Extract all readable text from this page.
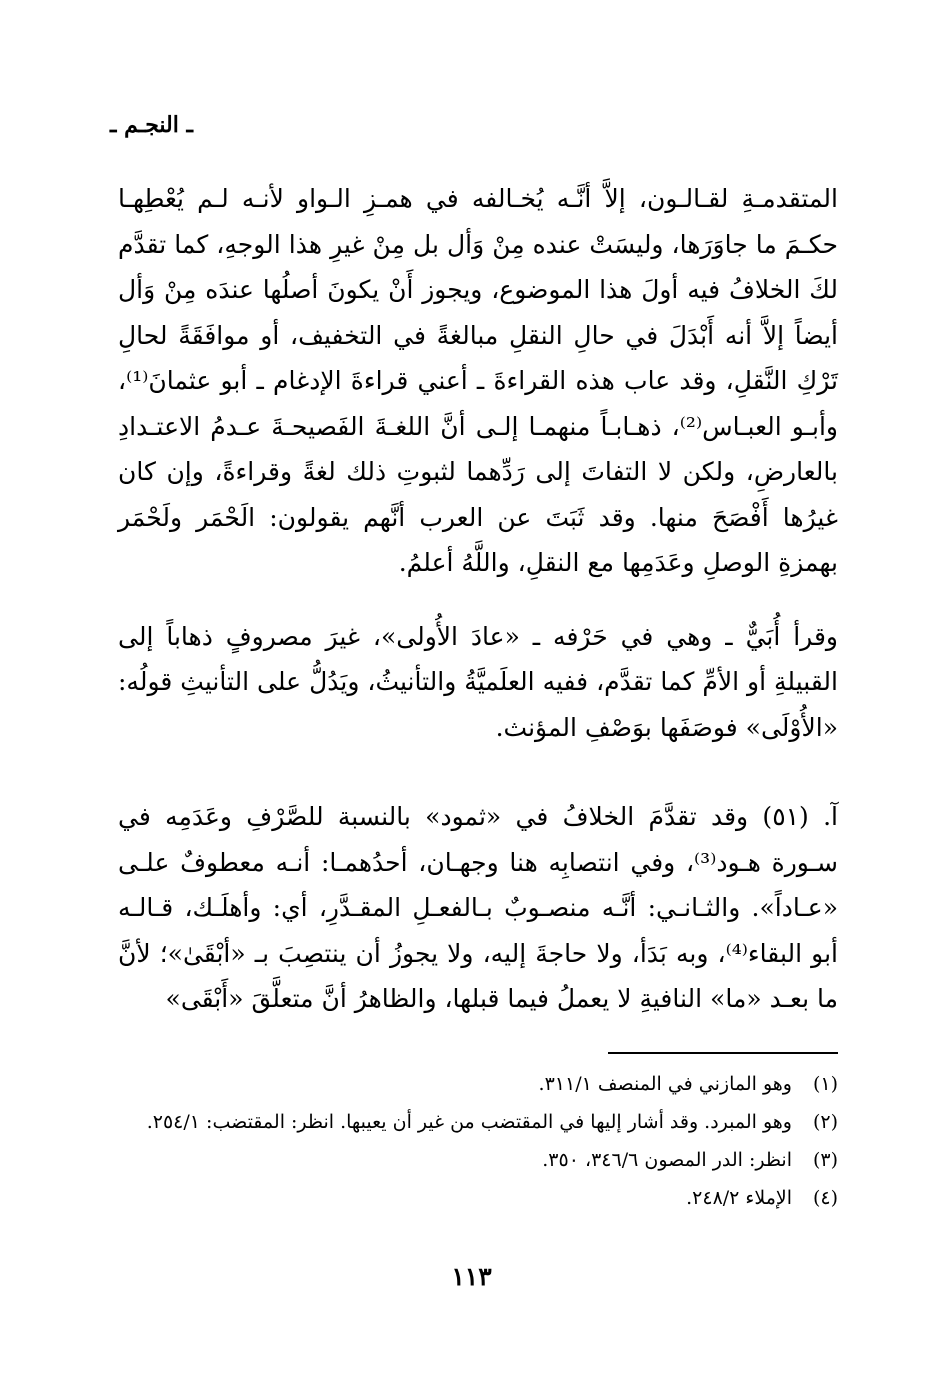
ـ النجـم ـ

المتقدمـةِ لقـالـون، إلاَّ أنَّـه يُخـالفه في همـزِ الـواو لأنـه لـم يُعْطِهـا حكـمَ ما جاوَرَها، وليسَتْ عنده مِنْ وَأل بل مِنْ غيرِ هذا الوجهِ، كما تقدَّم لكَ الخلافُ فيه أولَ هذا الموضوع، ويجوز أَنْ يكونَ أصلُها عندَه مِنْ وَأل أيضاً إلاَّ أنه أَبْدَلَ في حالِ النقلِ مبالغةً في التخفيف، أو موافَقَةً لحالِ تَرْكِ النَّقلِ، وقد عاب هذه القراءةَ ـ أعني قراءةَ الإدغام ـ أبو عثمانَ⁽¹⁾، وأبـو العبـاس⁽²⁾، ذهـابـاً منهمـا إلـى أنَّ اللغـةَ الفَصيحـةَ عـدمُ الاعتـدادِ بالعارضِ، ولكن لا التفاتَ إلى رَدِّهما لثبوتِ ذلك لغةً وقراءةً، وإن كان غيرُها أَفْصَحَ منها. وقد ثَبَتَ عن العرب أنَّهم يقولون: الَحْمَر ولَحْمَر بهمزةِ الوصلِ وعَدَمِها مع النقلِ، واللَّهُ أعلمُ.

وقرأ أُبَيٌّ ـ وهي في حَرْفه ـ «عادَ الأُولى»، غيرَ مصروفٍ ذهاباً إلى القبيلةِ أو الأمِّ كما تقدَّم، ففيه العلَميَّةُ والتأنيثُ، ويَدُلُّ على التأنيثِ قولُه: «الأُوْلَى» فوصَفَها بوَصْفِ المؤنث.

آ. (٥١) وقد تقدَّمَ الخلافُ في «ثمود» بالنسبة للصَّرْفِ وعَدَمِه في سـورة هـود⁽³⁾، وفي انتصابِه هنا وجهـان، أحدُهمـا: أنـه معطوفٌ علـى «عـاداً». والثـانـي: أنَّـه منصـوبٌ بـالفعـلِ المقـدَّرِ، أي: وأهلَـك، قـالـه أبو البقاء⁽⁴⁾، وبه بَدَأ، ولا حاجةَ إليه، ولا يجوزُ أن ينتصِبَ بـ «أبْقَىٰ»؛ لأنَّ ما بعـد «ما» النافيةِ لا يعملُ فيما قبلها، والظاهرُ أنَّ متعلَّقَ «أَبْقَى»

(١)
وهو المازني في المنصف ٣١١/١.
(٢)
وهو المبرد. وقد أشار إليها في المقتضب من غير أن يعيبها. انظر: المقتضب: ٢٥٤/١.
(٣)
انظر: الدر المصون ٣٤٦/٦، ٣٥٠.
(٤)
الإملاء ٢٤٨/٢.
١١٣
